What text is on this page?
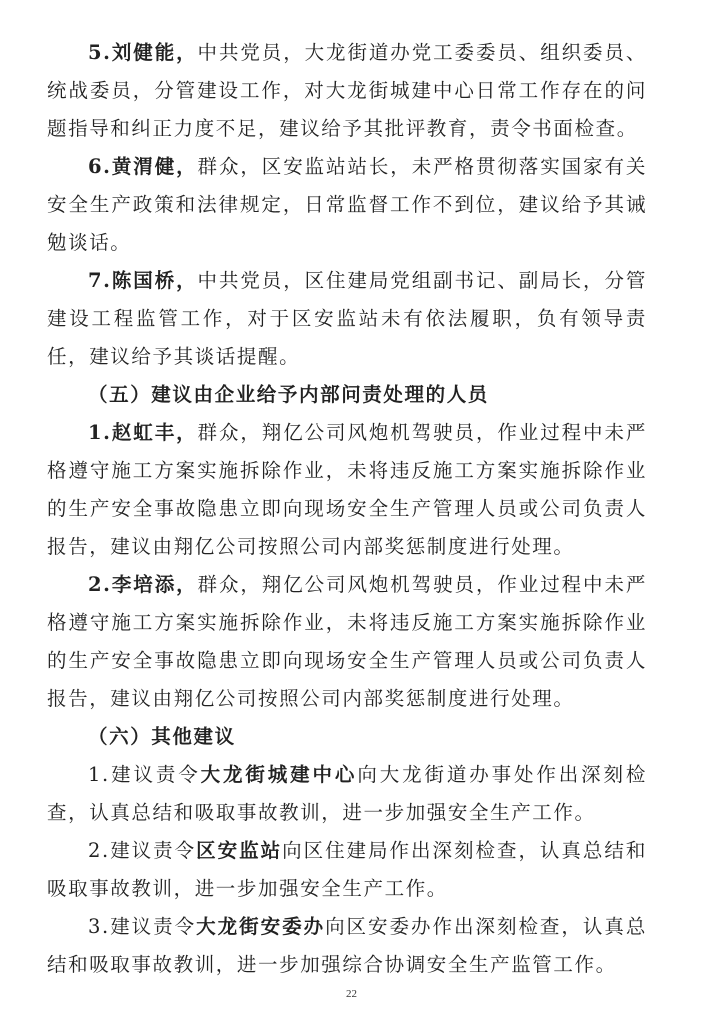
5.刘健能，中共党员，大龙街道办党工委委员、组织委员、统战委员，分管建设工作，对大龙街城建中心日常工作存在的问题指导和纠正力度不足，建议给予其批评教育，责令书面检查。

6.黄渭健，群众，区安监站站长，未严格贯彻落实国家有关安全生产政策和法律规定，日常监督工作不到位，建议给予其诫勉谈话。

7.陈国桥，中共党员，区住建局党组副书记、副局长，分管建设工程监管工作，对于区安监站未有依法履职，负有领导责任，建议给予其谈话提醒。

（五）建议由企业给予内部问责处理的人员

1.赵虹丰，群众，翔亿公司风炮机驾驶员，作业过程中未严格遵守施工方案实施拆除作业，未将违反施工方案实施拆除作业的生产安全事故隐患立即向现场安全生产管理人员或公司负责人报告，建议由翔亿公司按照公司内部奖惩制度进行处理。

2.李培添，群众，翔亿公司风炮机驾驶员，作业过程中未严格遵守施工方案实施拆除作业，未将违反施工方案实施拆除作业的生产安全事故隐患立即向现场安全生产管理人员或公司负责人报告，建议由翔亿公司按照公司内部奖惩制度进行处理。

（六）其他建议

1.建议责令大龙街城建中心向大龙街道办事处作出深刻检查，认真总结和吸取事故教训，进一步加强安全生产工作。

2.建议责令区安监站向区住建局作出深刻检查，认真总结和吸取事故教训，进一步加强安全生产工作。

3.建议责令大龙街安委办向区安委办作出深刻检查，认真总结和吸取事故教训，进一步加强综合协调安全生产监管工作。

22
